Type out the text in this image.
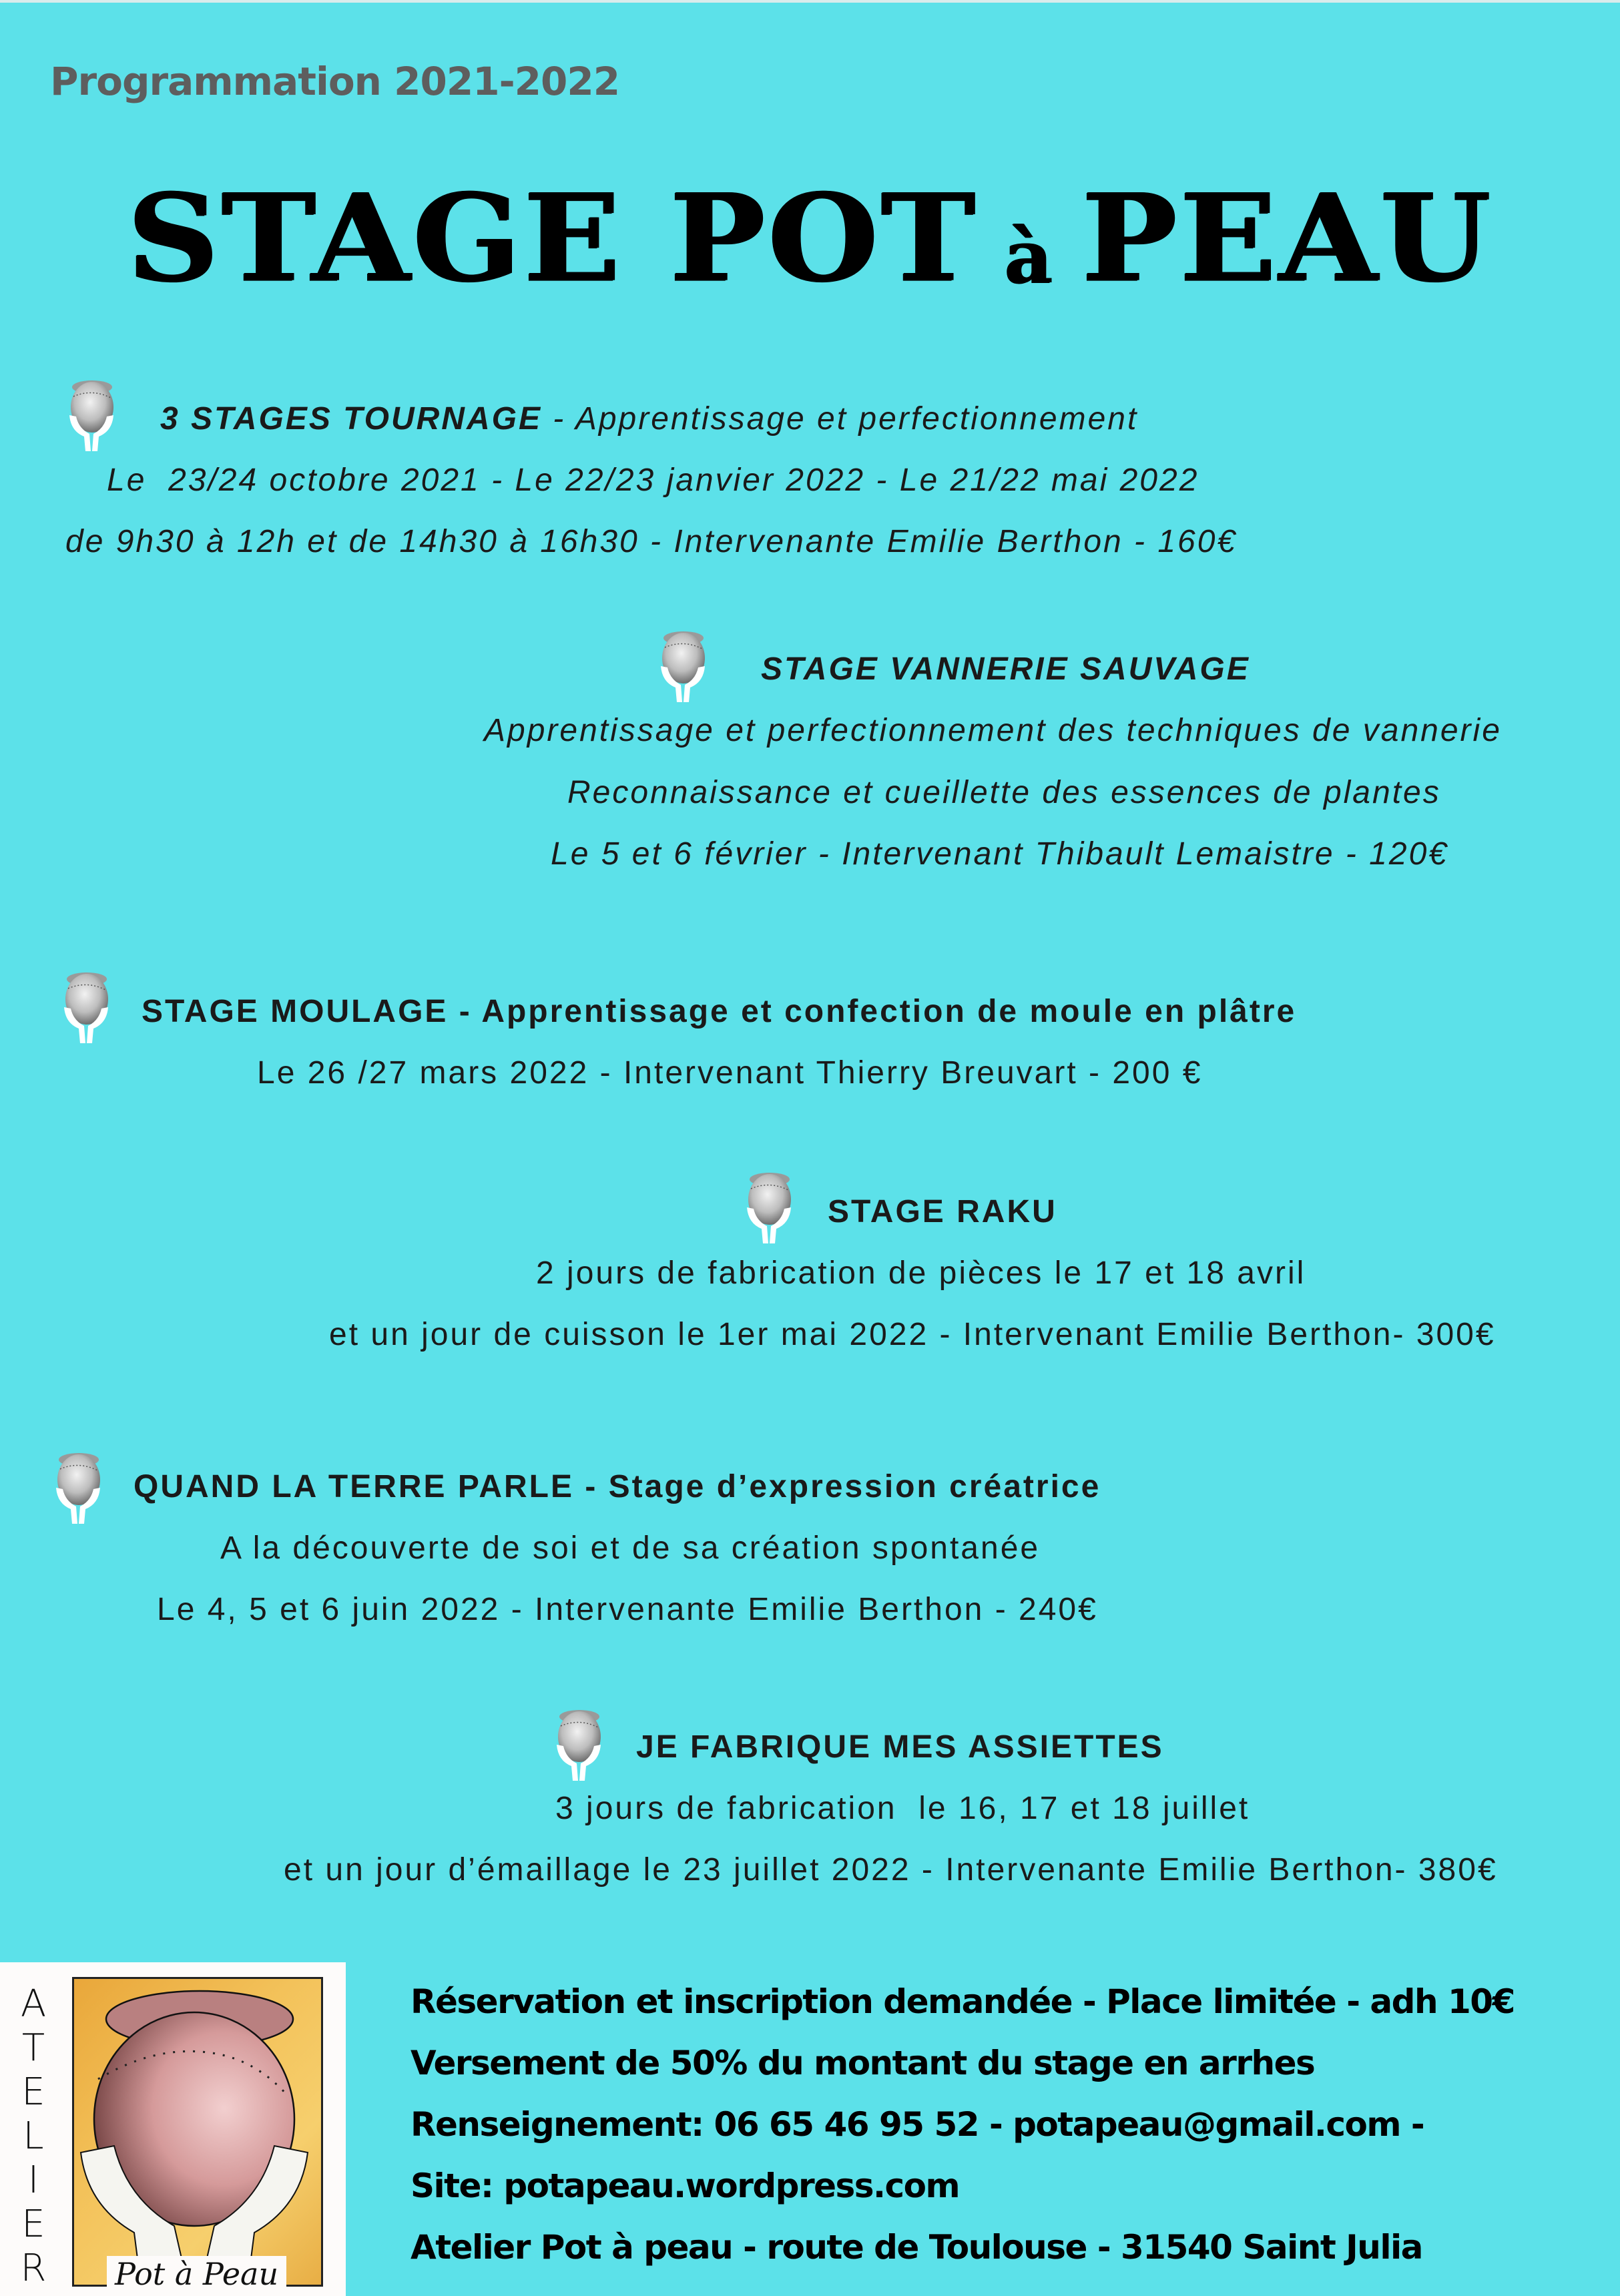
Programmation 2021-2022
STAGE POT à PEAU
3 STAGES TOURNAGE - Apprentissage et perfectionnement
Le  23/24 octobre 2021 - Le 22/23 janvier 2022 - Le 21/22 mai 2022
de 9h30 à 12h et de 14h30 à 16h30 - Intervenante Emilie Berthon - 160€
STAGE VANNERIE SAUVAGE
Apprentissage et perfectionnement des techniques de vannerie
Reconnaissance et cueillette des essences de plantes
Le 5 et 6 février - Intervenant Thibault Lemaistre - 120€
STAGE MOULAGE - Apprentissage et confection de moule en plâtre
Le 26 /27 mars 2022 - Intervenant Thierry Breuvart - 200 €
STAGE RAKU
2 jours de fabrication de pièces le 17 et 18 avril
et un jour de cuisson le 1er mai 2022 - Intervenant Emilie Berthon- 300€
QUAND LA TERRE PARLE - Stage d’expression créatrice
A la découverte de soi et de sa création spontanée
Le 4, 5 et 6 juin 2022 - Intervenante Emilie Berthon - 240€
JE FABRIQUE MES ASSIETTES
3 jours de fabrication  le 16, 17 et 18 juillet
et un jour d’émaillage le 23 juillet 2022 - Intervenante Emilie Berthon- 380€
A
T
E
L
I
E
R Pot à Peau
Réservation et inscription demandée - Place limitée - adh 10€
Versement de 50% du montant du stage en arrhes
Renseignement: 06 65 46 95 52 - potapeau@gmail.com -
Site: potapeau.wordpress.com
Atelier Pot à peau - route de Toulouse - 31540 Saint Julia
